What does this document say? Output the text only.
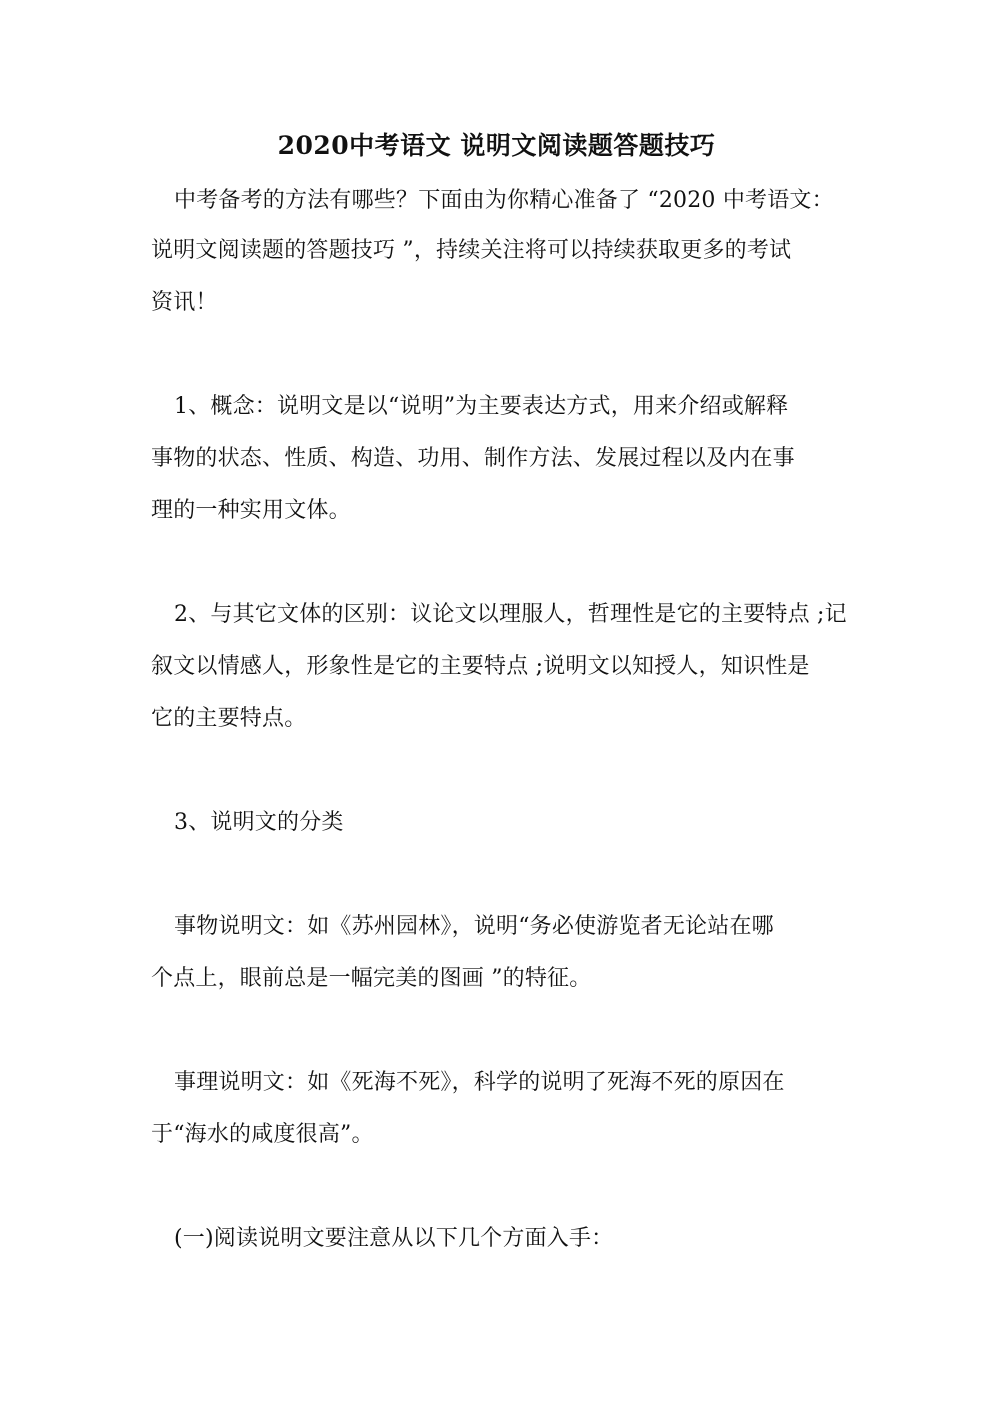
2020中考语文 说明文阅读题答题技巧
中考备考的方法有哪些？下面由为你精心准备了 “2020 中考语文：
说明文阅读题的答题技巧 ”，持续关注将可以持续获取更多的考试
资讯！
1、概念：说明文是以“说明”为主要表达方式，用来介绍或解释
事物的状态、性质、构造、功用、制作方法、发展过程以及内在事
理的一种实用文体。
2、与其它文体的区别：议论文以理服人，哲理性是它的主要特点 ;记
叙文以情感人，形象性是它的主要特点 ;说明文以知授人，知识性是
它的主要特点。
3、说明文的分类
事物说明文：如《苏州园林》，说明“务必使游览者无论站在哪
个点上，眼前总是一幅完美的图画 ”的特征。
事理说明文：如《死海不死》，科学的说明了死海不死的原因在
于“海水的咸度很高”。
(一)阅读说明文要注意从以下几个方面入手：
